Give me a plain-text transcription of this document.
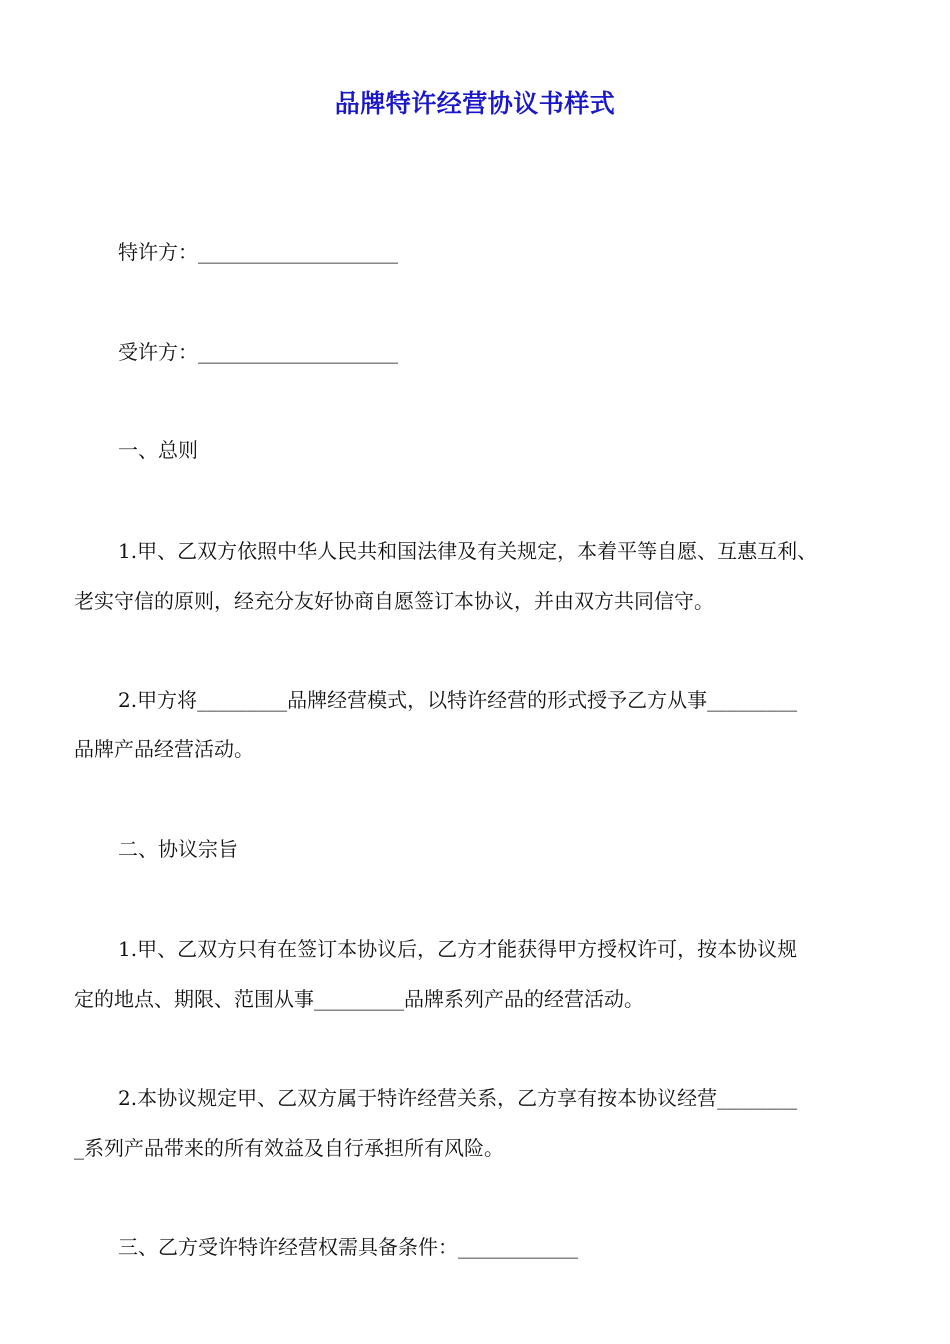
品牌特许经营协议书样式
特许方：____________________
受许方：____________________
一、总则
1.甲、乙双方依照中华人民共和国法律及有关规定，本着平等自愿、互惠互利、
老实守信的原则，经充分友好协商自愿签订本协议，并由双方共同信守。
2.甲方将_________品牌经营模式，以特许经营的形式授予乙方从事_________
品牌产品经营活动。
二、协议宗旨
1.甲、乙双方只有在签订本协议后，乙方才能获得甲方授权许可，按本协议规
定的地点、期限、范围从事_________品牌系列产品的经营活动。
2.本协议规定甲、乙双方属于特许经营关系，乙方享有按本协议经营________
_系列产品带来的所有效益及自行承担所有风险。
三、乙方受许特许经营权需具备条件：____________
